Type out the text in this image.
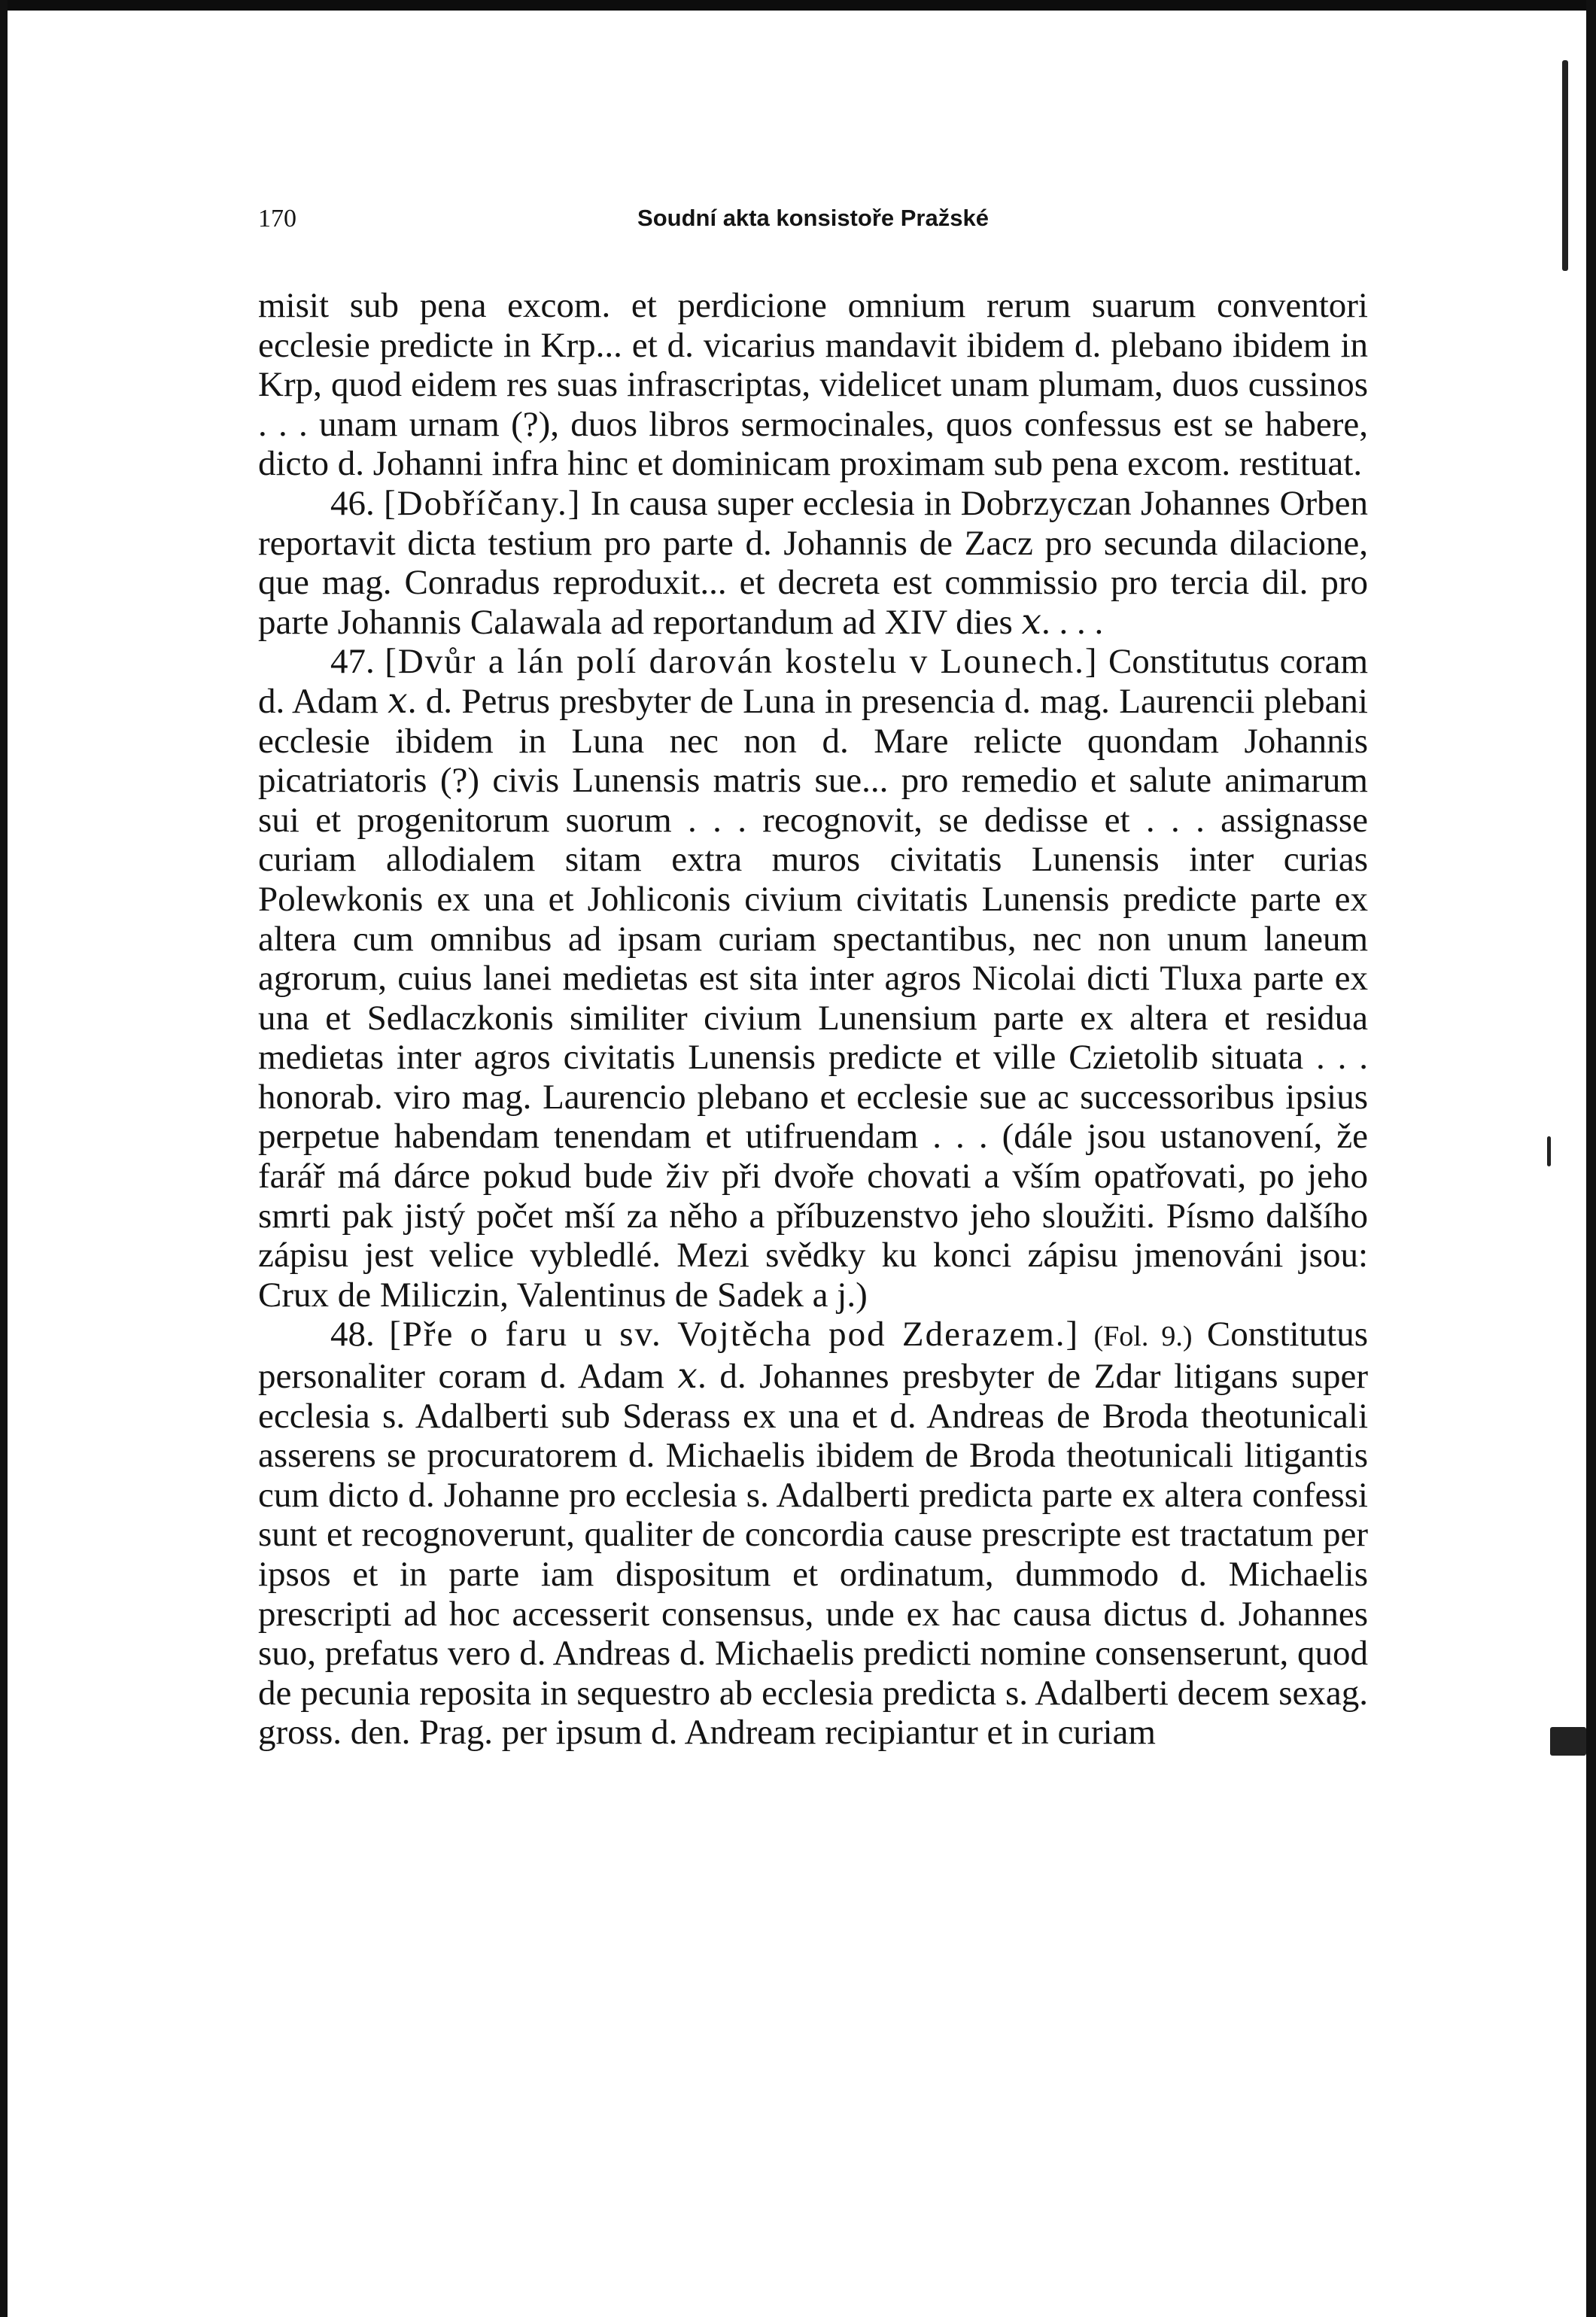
170	Soudní akta konsistoře Pražské

misit sub pena excom. et perdicione omnium rerum suarum conventori ecclesie predicte in Krp... et d. vicarius mandavit ibidem d. plebano ibidem in Krp, quod eidem res suas infrascriptas, videlicet unam plumam, duos cussinos . . . unam urnam (?), duos libros sermocinales, quos confessus est se habere, dicto d. Johanni infra hinc et dominicam proximam sub pena excom. restituat.

46. [Dobříčany.] In causa super ecclesia in Dobrzyczan Johannes Orben reportavit dicta testium pro parte d. Johannis de Zacz pro secunda dilacione, que mag. Conradus reproduxit... et decreta est commissio pro tercia dil. pro parte Johannis Calawala ad reportandum ad XIV dies 𝑥. . . .

47. [Dvůr a lán polí darován kostelu v Lounech.] Constitutus coram d. Adam 𝑥. d. Petrus presbyter de Luna in presencia d. mag. Laurencii plebani ecclesie ibidem in Luna nec non d. Mare relicte quondam Johannis picatriatoris (?) civis Lunensis matris sue... pro remedio et salute animarum sui et progenitorum suorum . . . recognovit, se dedisse et . . . assignasse curiam allodialem sitam extra muros civitatis Lunensis inter curias Polewkonis ex una et Johliconis civium civitatis Lunensis predicte parte ex altera cum omnibus ad ipsam curiam spectantibus, nec non unum laneum agrorum, cuius lanei medietas est sita inter agros Nicolai dicti Tluxa parte ex una et Sedlaczkonis similiter civium Lunensium parte ex altera et residua medietas inter agros civitatis Lunensis predicte et ville Czietolib situata . . . honorab. viro mag. Laurencio plebano et ecclesie sue ac successoribus ipsius perpetue habendam tenendam et utifruendam . . . (dále jsou ustanovení, že farář má dárce pokud bude živ při dvoře chovati a vším opatřovati, po jeho smrti pak jistý počet mší za něho a příbuzenstvo jeho sloužiti. Písmo dalšího zápisu jest velice vybledlé. Mezi svědky ku konci zápisu jmenováni jsou: Crux de Miliczin, Valentinus de Sadek a j.)

48. [Pře o faru u sv. Vojtěcha pod Zderazem.] (Fol. 9.) Constitutus personaliter coram d. Adam 𝑥. d. Johannes presbyter de Zdar litigans super ecclesia s. Adalberti sub Sderass ex una et d. Andreas de Broda theotunicali asserens se procuratorem d. Michaelis ibidem de Broda theotunicali litigantis cum dicto d. Johanne pro ecclesia s. Adalberti predicta parte ex altera confessi sunt et recognoverunt, qualiter de concordia cause prescripte est tractatum per ipsos et in parte iam dispositum et ordinatum, dummodo d. Michaelis prescripti ad hoc accesserit consensus, unde ex hac causa dictus d. Johannes suo, prefatus vero d. Andreas d. Michaelis predicti nomine consenserunt, quod de pecunia reposita in sequestro ab ecclesia predicta s. Adalberti decem sexag. gross. den. Prag. per ipsum d. Andream recipiantur et in curiam
